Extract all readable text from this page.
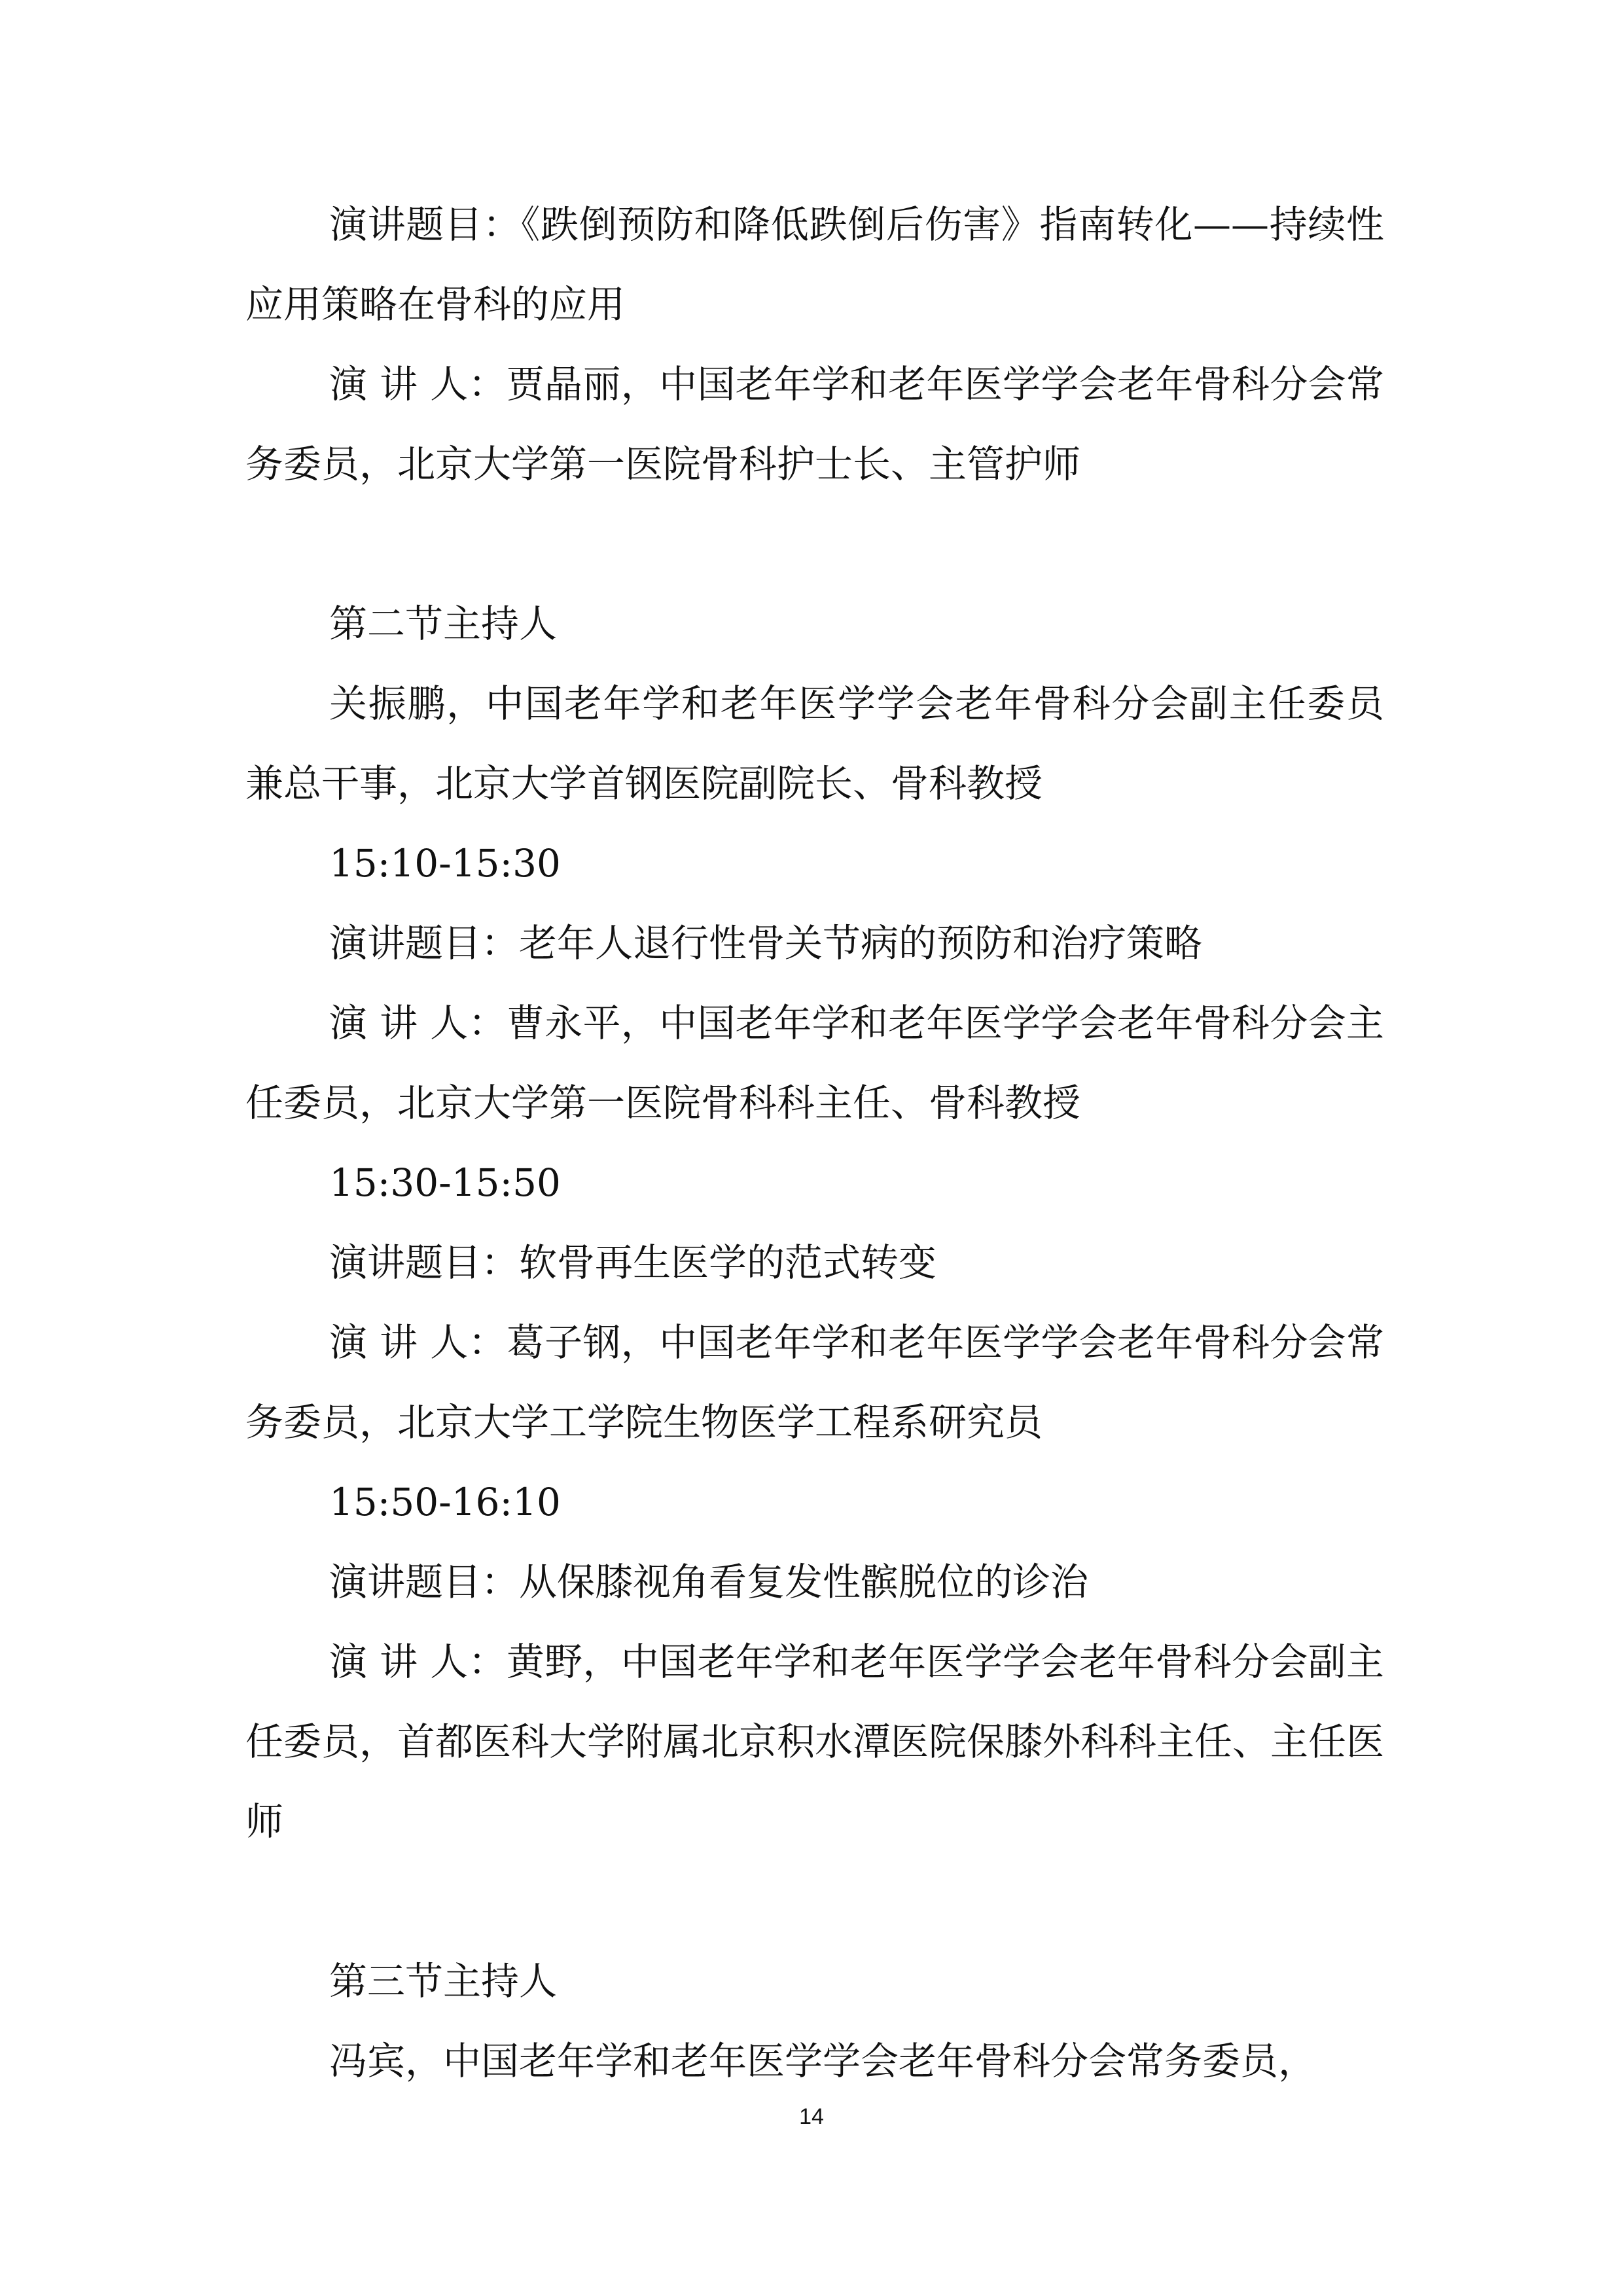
演讲题目：《跌倒预防和降低跌倒后伤害》指南转化——持续性应用策略在骨科的应用

演 讲 人：贾晶丽，中国老年学和老年医学学会老年骨科分会常务委员，北京大学第一医院骨科护士长、主管护师

第二节主持人

关振鹏，中国老年学和老年医学学会老年骨科分会副主任委员兼总干事，北京大学首钢医院副院长、骨科教授

15:10-15:30

演讲题目：老年人退行性骨关节病的预防和治疗策略

演 讲 人：曹永平，中国老年学和老年医学学会老年骨科分会主任委员，北京大学第一医院骨科科主任、骨科教授

15:30-15:50

演讲题目：软骨再生医学的范式转变

演 讲 人：葛子钢，中国老年学和老年医学学会老年骨科分会常务委员，北京大学工学院生物医学工程系研究员

15:50-16:10

演讲题目：从保膝视角看复发性髌脱位的诊治

演 讲 人：黄野，中国老年学和老年医学学会老年骨科分会副主任委员，首都医科大学附属北京积水潭医院保膝外科科主任、主任医师

第三节主持人

冯宾，中国老年学和老年医学学会老年骨科分会常务委员，

14
